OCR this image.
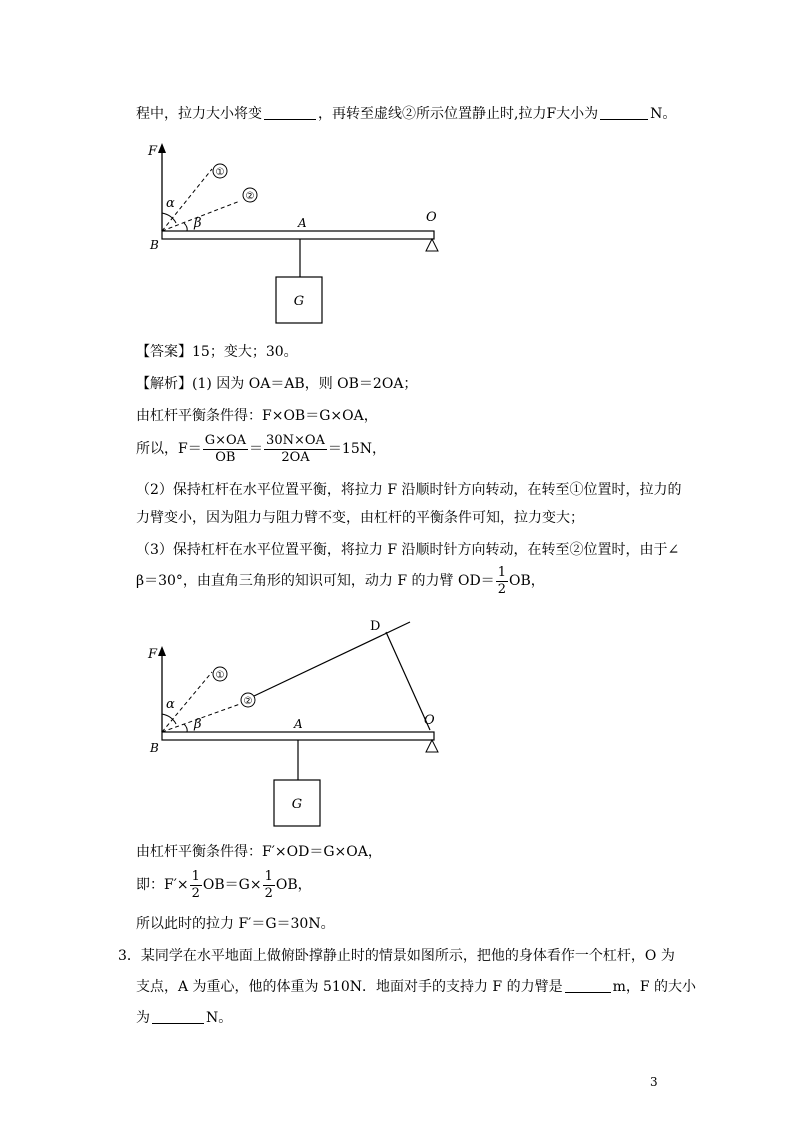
程中，拉力大小将变	，再转至虚线②所示位置静止时,拉力F大小为	N。
F
①
②
α
β	A	O
B
G
【答案】15；变大；30。
【解析】(1) 因为 OA＝AB，则 OB＝2OA；
由杠杆平衡条件得：F×OB＝G×OA，
所以，$F= \frac{G\times OA}{OB} = \frac{30N\times OA}{2OA} =15N$，
（2）保持杠杆在水平位置平衡，将拉力 F 沿顺时针方向转动，在转至①位置时，拉力的
力臂变小，因为阻力与阻力臂不变，由杠杆的平衡条件可知，拉力变大；
（3）保持杠杆在水平位置平衡，将拉力 F 沿顺时针方向转动，在转至②位置时，由于∠
β＝30°，由直角三角形的知识可知，动力 F 的力臂 $OD= \frac{1}{2}$ OB，
F
①
②
D
α
β	A	O
B
G
由杠杆平衡条件得：F′×OD＝G×OA，
即：$F'\times \frac{1}{2} OB=G\times \frac{1}{2}$ OB，
所以此时的拉力 F′＝G＝30N。
3．某同学在水平地面上做俯卧撑静止时的情景如图所示，把他的身体看作一个杠杆，O 为
支点，A 为重心，他的体重为 510N．地面对手的支持力 F 的力臂是	m，F 的大小
为	N。
3
